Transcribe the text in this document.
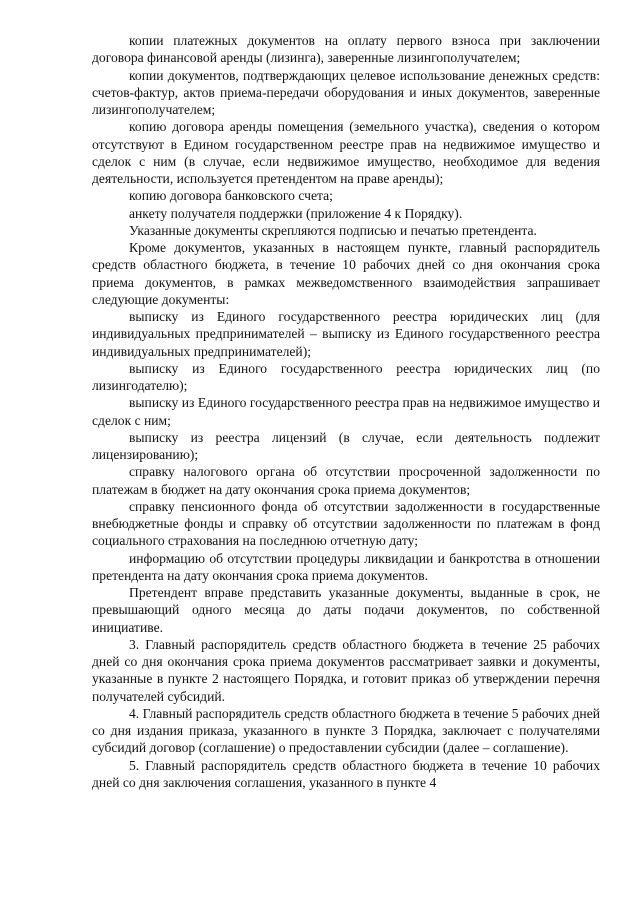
копии платежных документов на оплату первого взноса при заключении договора финансовой аренды (лизинга), заверенные лизингополучателем;

копии документов, подтверждающих целевое использование денежных средств: счетов-фактур, актов приема-передачи оборудования и иных документов, заверенные лизингополучателем;

копию договора аренды помещения (земельного участка), сведения о котором отсутствуют в Едином государственном реестре прав на недвижимое имущество и сделок с ним (в случае, если недвижимое имущество, необходимое для ведения деятельности, используется претендентом на праве аренды);

копию договора банковского счета;

анкету получателя поддержки (приложение 4 к Порядку).

Указанные документы скрепляются подписью и печатью претендента.

Кроме документов, указанных в настоящем пункте, главный распорядитель средств областного бюджета, в течение 10 рабочих дней со дня окончания срока приема документов, в рамках межведомственного взаимодействия запрашивает следующие документы:

выписку из Единого государственного реестра юридических лиц (для индивидуальных предпринимателей – выписку из Единого государственного реестра индивидуальных предпринимателей);

выписку из Единого государственного реестра юридических лиц (по лизингодателю);

выписку из Единого государственного реестра прав на недвижимое имущество и сделок с ним;

выписку из реестра лицензий (в случае, если деятельность подлежит лицензированию);

справку налогового органа об отсутствии просроченной задолженности по платежам в бюджет на дату окончания срока приема документов;

справку пенсионного фонда об отсутствии задолженности в государственные внебюджетные фонды и справку об отсутствии задолженности по платежам в фонд социального страхования на последнюю отчетную дату;

информацию об отсутствии процедуры ликвидации и банкротства в отношении претендента на дату окончания срока приема документов.

Претендент вправе представить указанные документы, выданные в срок, не превышающий одного месяца до даты подачи документов, по собственной инициативе.

3. Главный распорядитель средств областного бюджета в течение 25 рабочих дней со дня окончания срока приема документов рассматривает заявки и документы, указанные в пункте 2 настоящего Порядка, и готовит приказ об утверждении перечня получателей субсидий.

4. Главный распорядитель средств областного бюджета в течение 5 рабочих дней со дня издания приказа, указанного в пункте 3 Порядка, заключает с получателями субсидий договор (соглашение) о предоставлении субсидии (далее – соглашение).

5. Главный распорядитель средств областного бюджета в течение 10 рабочих дней со дня заключения соглашения, указанного в пункте 4
